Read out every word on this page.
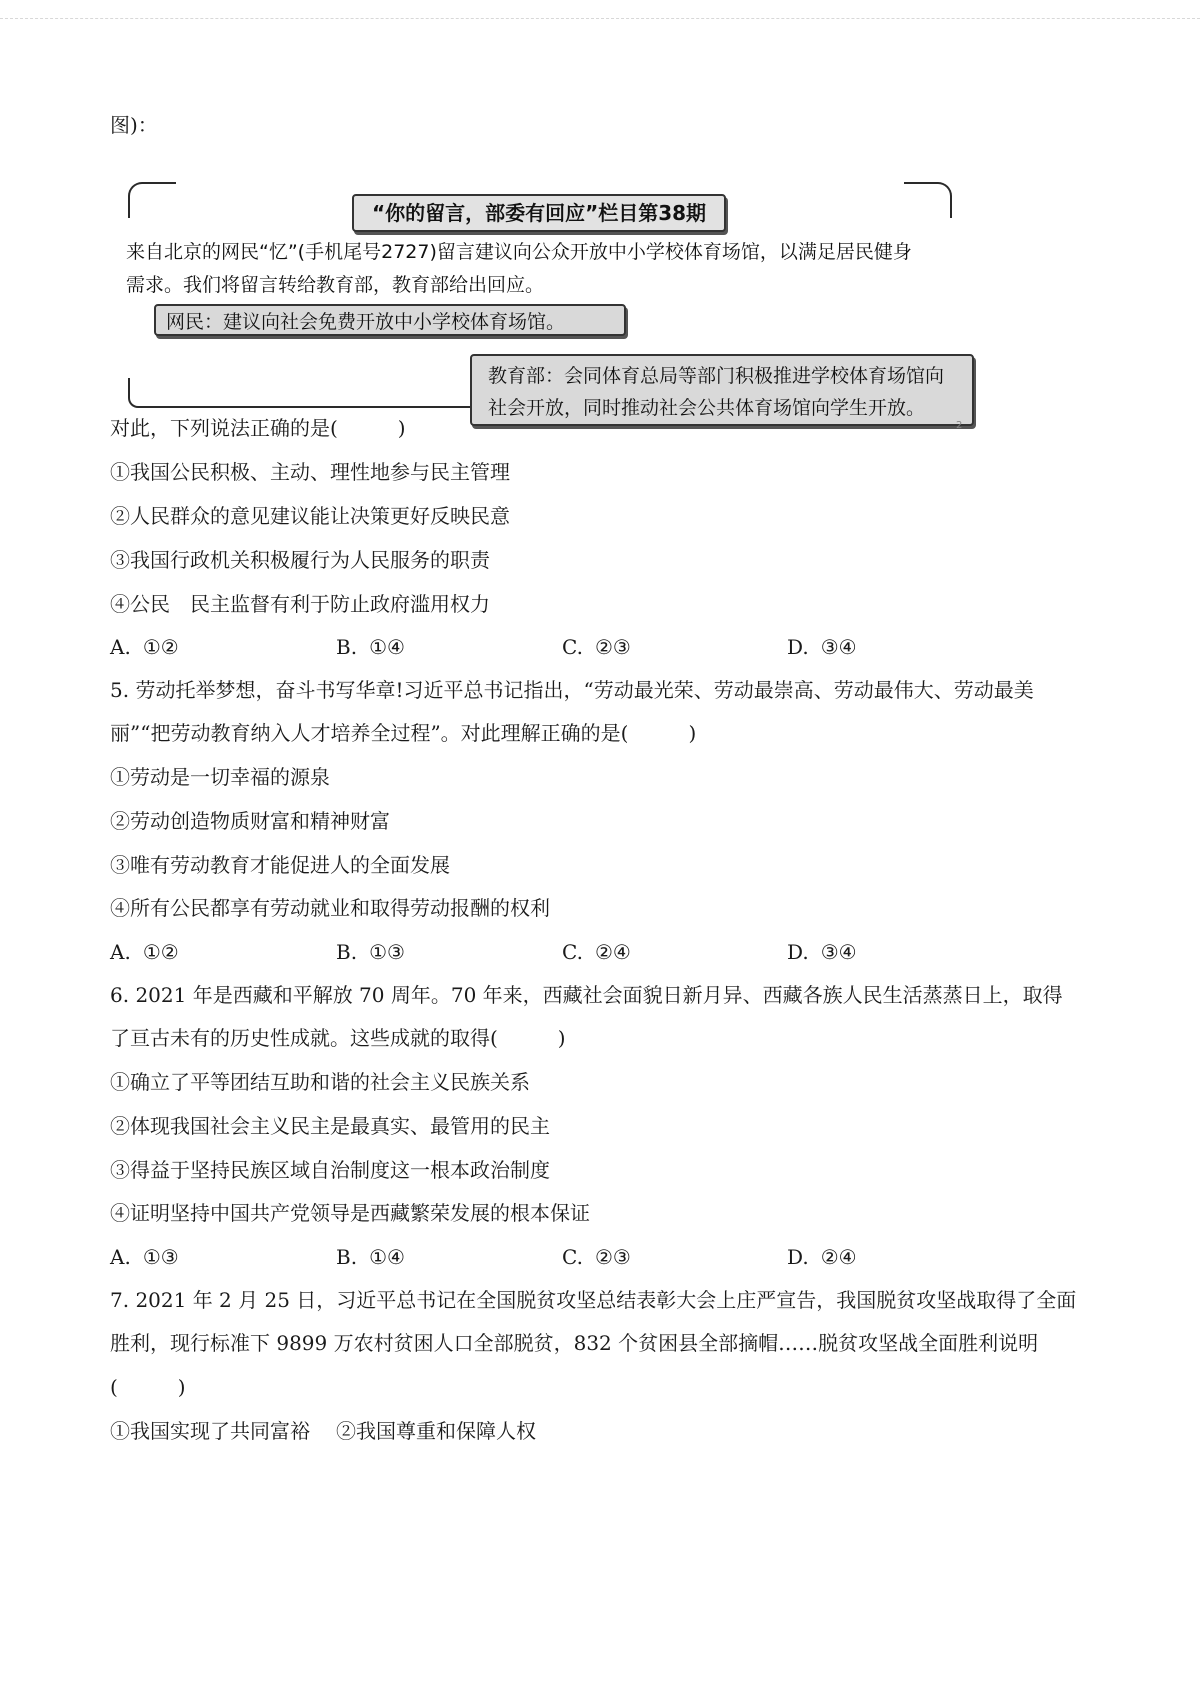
图)：

“你的留言，部委有回应”栏目第38期

来自北京的网民“忆”(手机尾号2727)留言建议向公众开放中小学校体育场馆，以满足居民健身需求。我们将留言转给教育部，教育部给出回应。

网民：建议向社会免费开放中小学校体育场馆。
教育部：会同体育总局等部门积极推进学校体育场馆向社会开放，同时推动社会公共体育场馆向学生开放。
2

对此，下列说法正确的是(　　　)

①我国公民积极、主动、理性地参与民主管理

②人民群众的意见建议能让决策更好反映民意

③我国行政机关积极履行为人民服务的职责

④公民　民主监督有利于防止政府滥用权力

A. ①②	B. ①④	C. ②③	D. ③④

5. 劳动托举梦想，奋斗书写华章!习近平总书记指出，“劳动最光荣、劳动最崇高、劳动最伟大、劳动最美

丽”“把劳动教育纳入人才培养全过程”。对此理解正确的是(　　　)

①劳动是一切幸福的源泉

②劳动创造物质财富和精神财富

③唯有劳动教育才能促进人的全面发展

④所有公民都享有劳动就业和取得劳动报酬的权利

A. ①②	B. ①③	C. ②④	D. ③④

6. 2021 年是西藏和平解放 70 周年。70 年来，西藏社会面貌日新月异、西藏各族人民生活蒸蒸日上，取得

了亘古未有的历史性成就。这些成就的取得(　　　)

①确立了平等团结互助和谐的社会主义民族关系

②体现我国社会主义民主是最真实、最管用的民主

③得益于坚持民族区域自治制度这一根本政治制度

④证明坚持中国共产党领导是西藏繁荣发展的根本保证

A. ①③	B. ①④	C. ②③	D. ②④

7. 2021 年 2 月 25 日，习近平总书记在全国脱贫攻坚总结表彰大会上庄严宣告，我国脱贫攻坚战取得了全面

胜利，现行标准下 9899 万农村贫困人口全部脱贫，832 个贫困县全部摘帽……脱贫攻坚战全面胜利说明

(　　　)

①我国实现了共同富裕 ②我国尊重和保障人权
